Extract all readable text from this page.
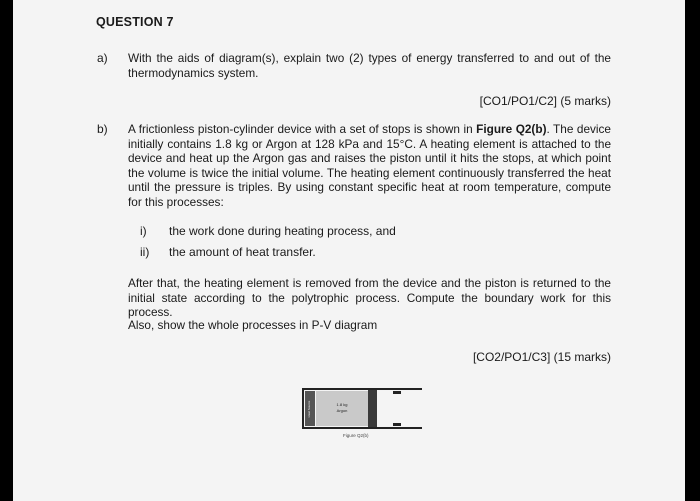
QUESTION 7
a) With the aids of diagram(s), explain two (2) types of energy transferred to and out of the thermodynamics system.
[CO1/PO1/C2] (5 marks)
b) A frictionless piston-cylinder device with a set of stops is shown in Figure Q2(b). The device initially contains 1.8 kg or Argon at 128 kPa and 15°C. A heating element is attached to the device and heat up the Argon gas and raises the piston until it hits the stops, at which point the volume is twice the initial volume. The heating element continuously transferred the heat until the pressure is triples. By using constant specific heat at room temperature, compute for this processes:
i) the work done during heating process, and
ii) the amount of heat transfer.
After that, the heating element is removed from the device and the piston is returned to the initial state according to the polytrophic process. Compute the boundary work for this process.
Also, show the whole processes in P-V diagram
[CO2/PO1/C3] (15 marks)
Heat Source	1.8 kg
Argon
Figure Q2(b)
